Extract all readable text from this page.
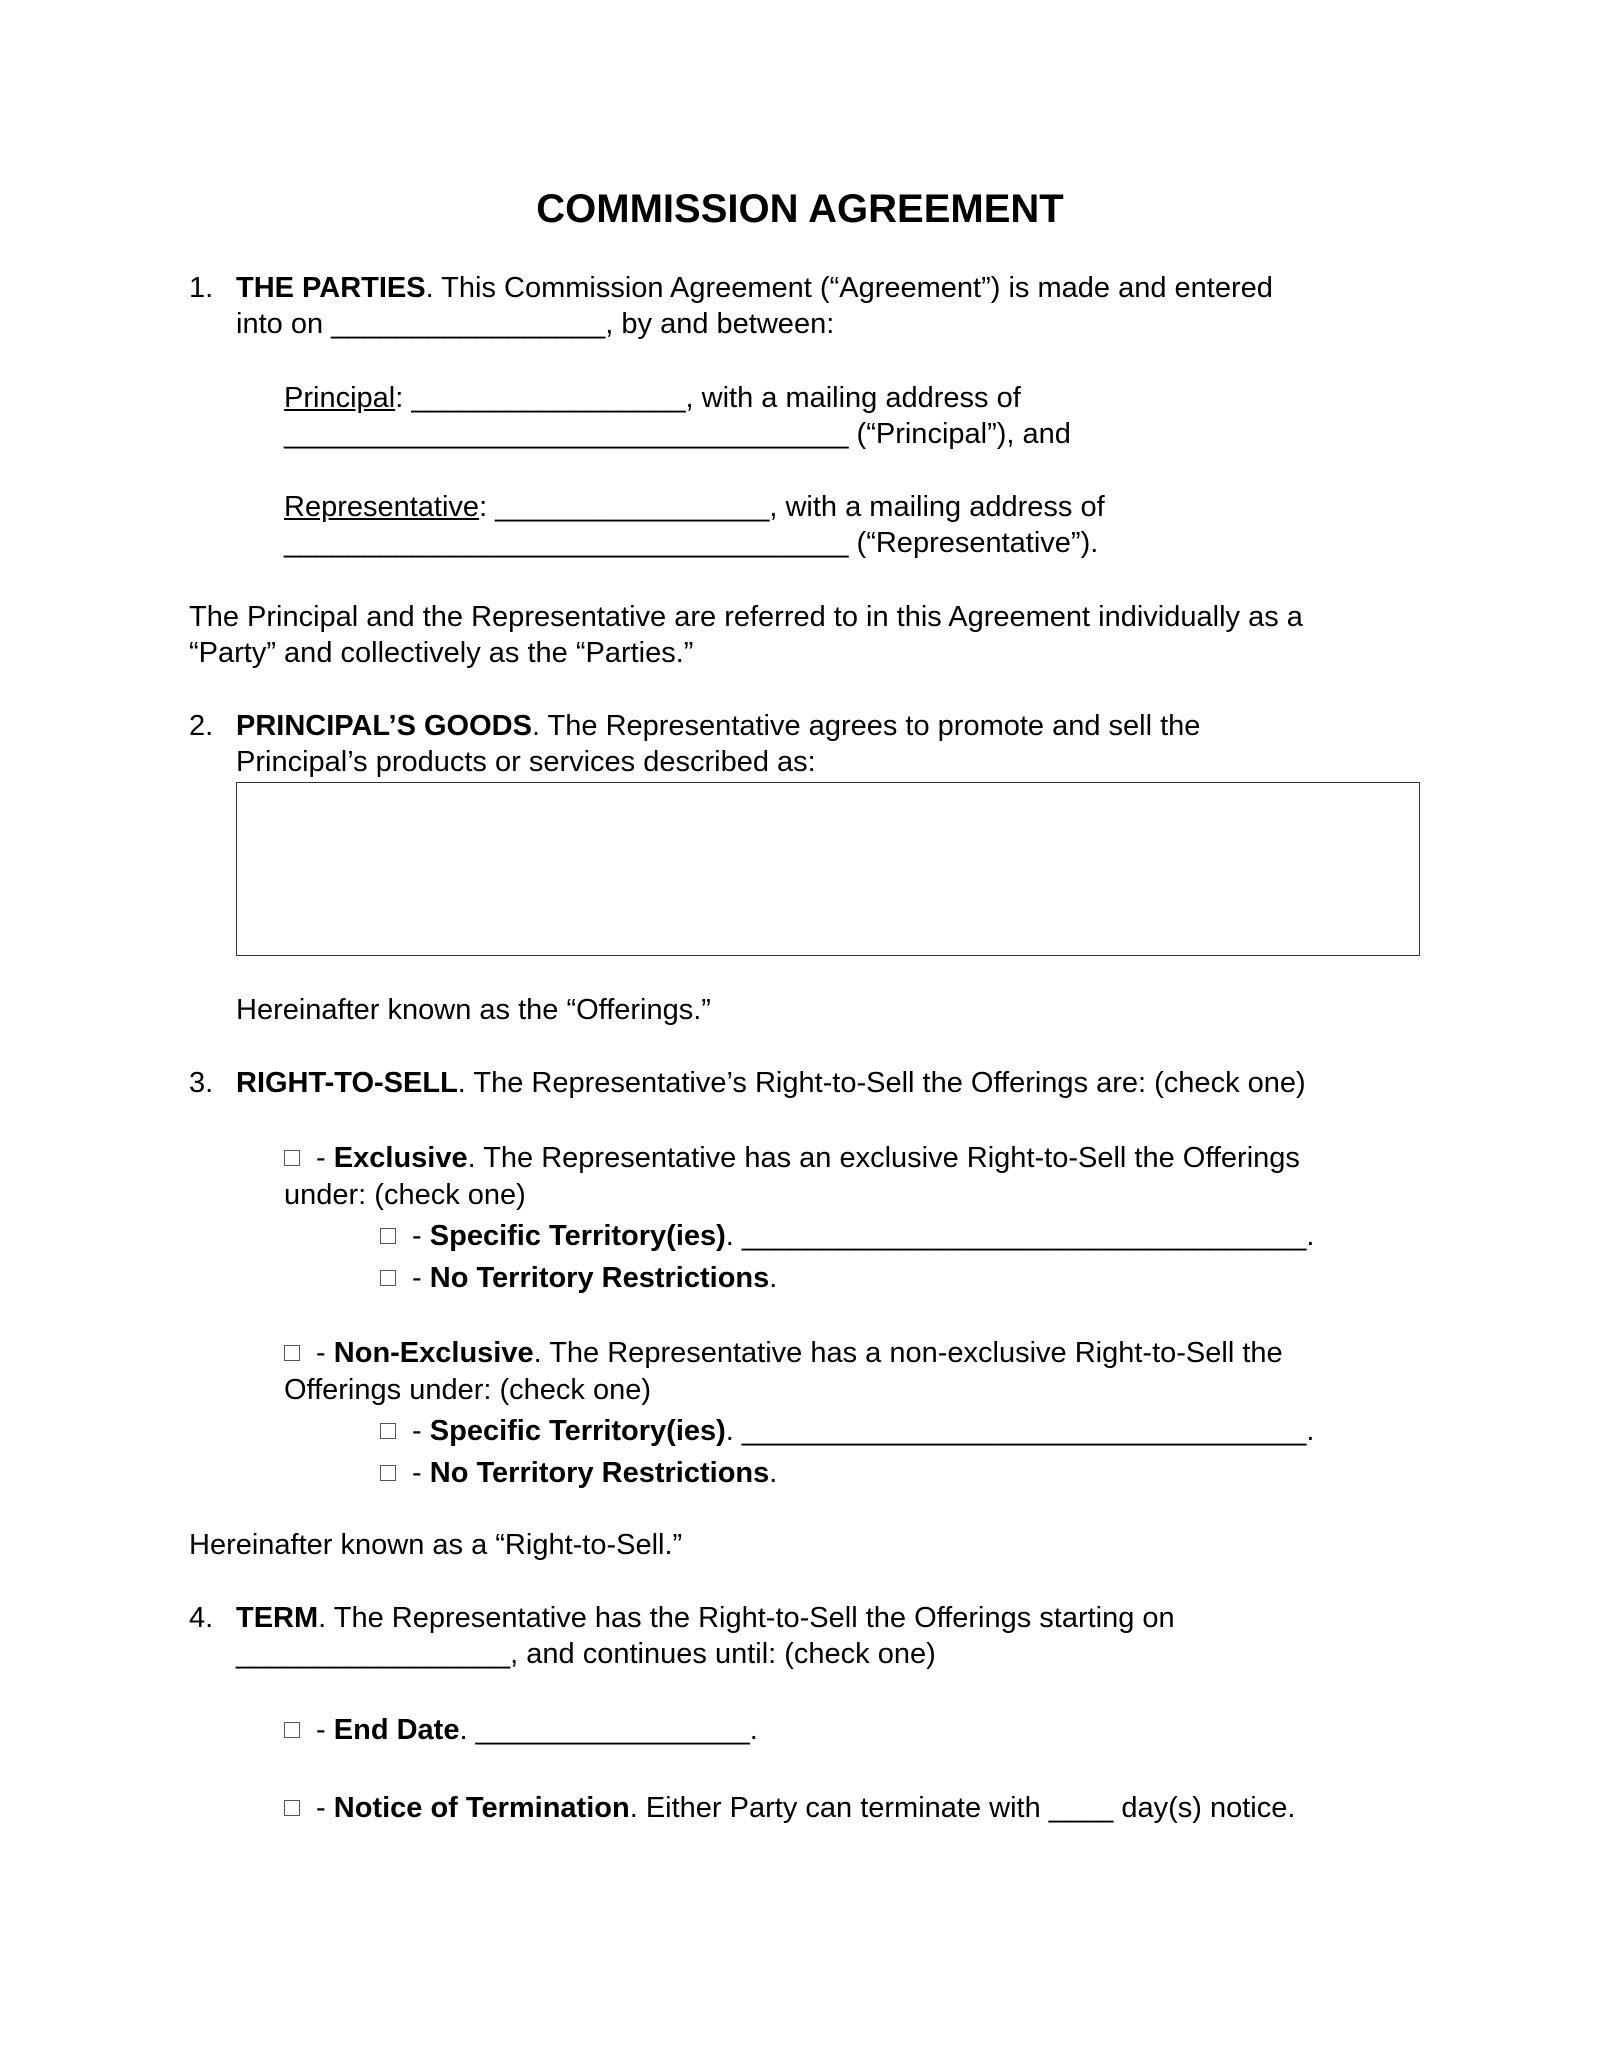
COMMISSION AGREEMENT
1. THE PARTIES. This Commission Agreement (“Agreement”) is made and entered
into on _________________, by and between:
Principal: _________________, with a mailing address of
___________________________________ (“Principal”), and
Representative: _________________, with a mailing address of
___________________________________ (“Representative”).
The Principal and the Representative are referred to in this Agreement individually as a
“Party” and collectively as the “Parties.”
2. PRINCIPAL’S GOODS. The Representative agrees to promote and sell the
Principal’s products or services described as:
Hereinafter known as the “Offerings.”
3. RIGHT-TO-SELL. The Representative’s Right-to-Sell the Offerings are: (check one)
- Exclusive. The Representative has an exclusive Right-to-Sell the Offerings
under: (check one)
- Specific Territory(ies). ___________________________________.
- No Territory Restrictions.
- Non-Exclusive. The Representative has a non-exclusive Right-to-Sell the
Offerings under: (check one)
- Specific Territory(ies). ___________________________________.
- No Territory Restrictions.
Hereinafter known as a “Right-to-Sell.”
4. TERM. The Representative has the Right-to-Sell the Offerings starting on
_________________, and continues until: (check one)
- End Date. _________________.
- Notice of Termination. Either Party can terminate with ____ day(s) notice.
